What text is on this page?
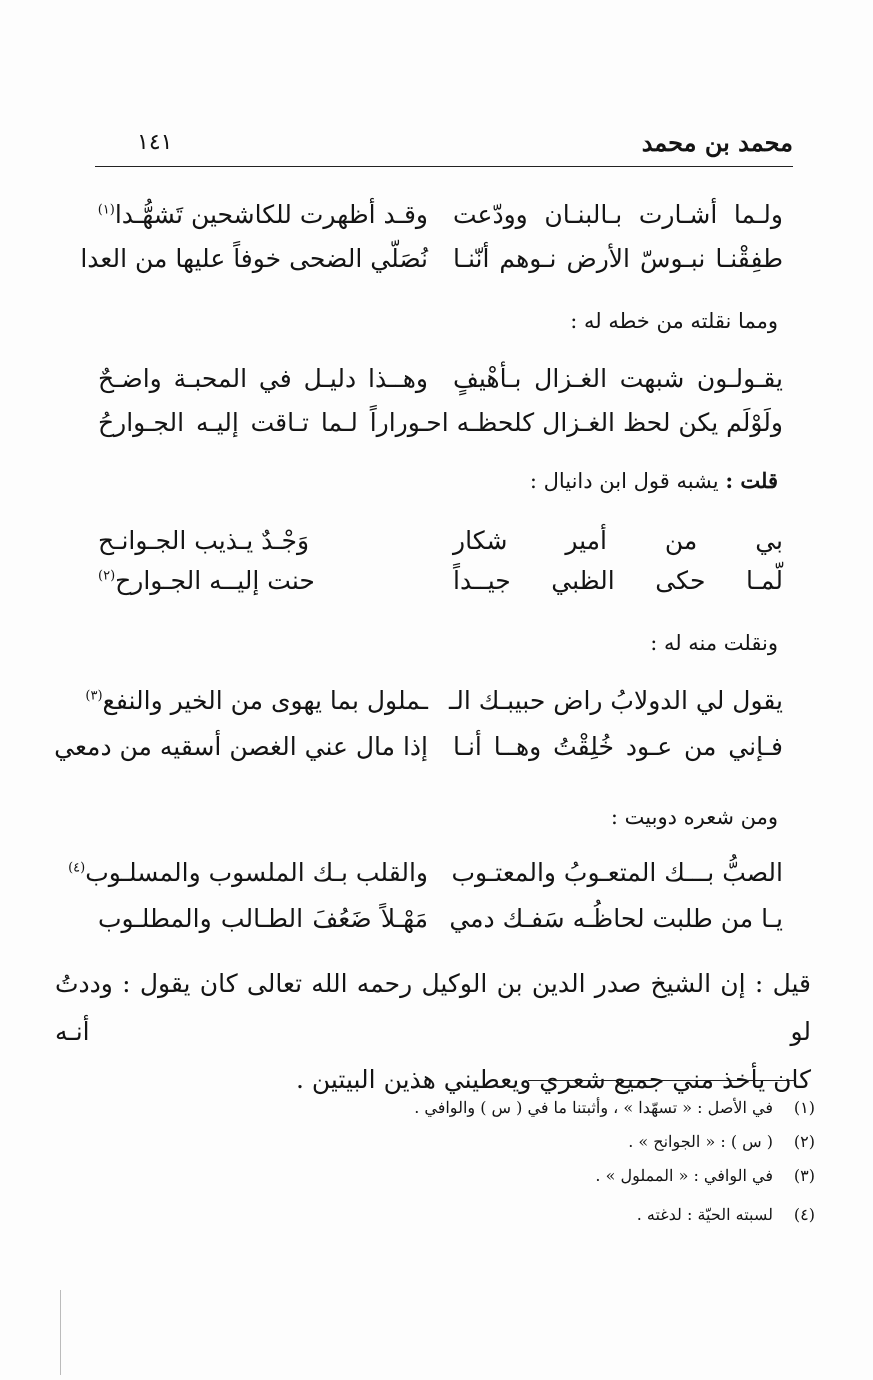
محمد بن محمد
١٤١
ولـما أشـارت بـالبنـان وودّعت
وقـد أظهرت للكاشحين تَشهُّـدا$^{(١)}$
طفِقْنـا نبـوسّ الأرض نـوهم أنّنـا
نُصَلّي الضحى خوفاً عليها من العدا
ومما نقلته من خطه له :
يقـولـون شبهت الغـزال بـأهْيفٍ
وهــذا دليـل في المحبـة واضـحٌ
ولَوْلَم يكن لحظ الغـزال كلحظـه احـ
ـوراراً لـما تـاقت إليـه الجـوارحُ
قلت : يشبه قول ابن دانيال :
بي من أمير شكار
وَجْـدٌ يـذيب الجـوانـح
لّمـا حكى الظبي جيــداً
حنت إليــه الجـوارح$^{(٢)}$
ونقلت منه له :
يقول لي الدولابُ راض حبيبـك الـ
ـملول بما يهوى من الخير والنفع$^{(٣)}$
فـإني من عـود خُلِقْتُ وهــا أنـا
إذا مال عني الغصن أسقيه من دمعي
ومن شعره دوبيت :
الصبُّ بـــك المتعـوبُ والمعتـوب
والقلب بـك الملسوب والمسلـوب$^{(٤)}$
يـا من طلبت لحاظُـه سَفـك دمي
مَهْـلاً ضَعُفَ الطـالب والمطلـوب
قيل : إن الشيخ صدر الدين بن الوكيل رحمه الله تعالى كان يقول : وددتُ لو أنـه
كان يأخذ مني جميع شعري ويعطيني هذين البيتين .
(١)في الأصل : « تسهّدا » ، وأثبتنا ما في ( س ) والوافي .
(٢)( س ) : « الجوانح » .
(٣)في الوافي : « المملول » .
(٤)لسبته الحيّة : لدغته .
